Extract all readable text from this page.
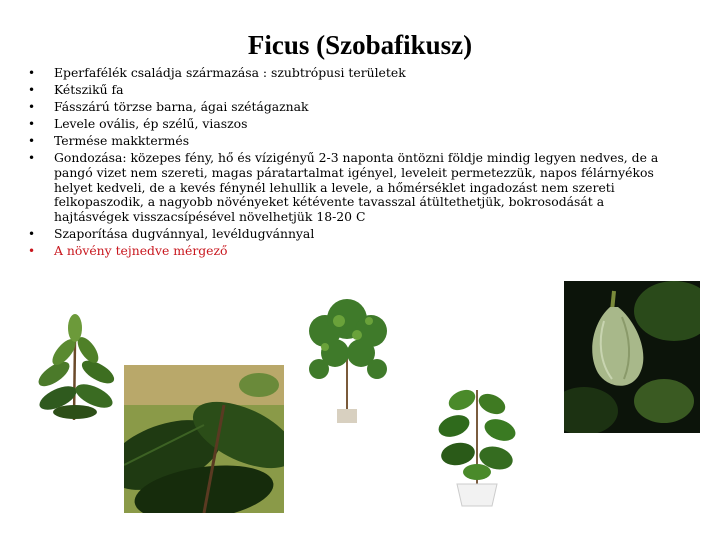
Ficus (Szobafikusz)
• Eperfafélék családja származása : szubtrópusi területek
• Kétszikű fa
• Fásszárú törzse barna, ágai szétágaznak
• Levele ovális, ép szélű, viaszos
• Termése makktermés
• Gondozása: közepes fény, hő és vízigényű 2-3 naponta öntözni földje mindig legyen nedves, de a pangó vizet nem szereti, magas páratartalmat igényel, leveleit permetezzük, napos félárnyékos helyet kedveli, de a kevés fénynél lehullik a levele, a hőmérséklet ingadozást nem szereti felkopaszodik, a nagyobb növényeket kétévente tavasszal átültethetjük, bokrosodását a hajtásvégek visszacsípésével növelhetjük 18-20 C
• Szaporítása dugvánnyal, levéldugvánnyal
• A növény tejnedve mérgező
